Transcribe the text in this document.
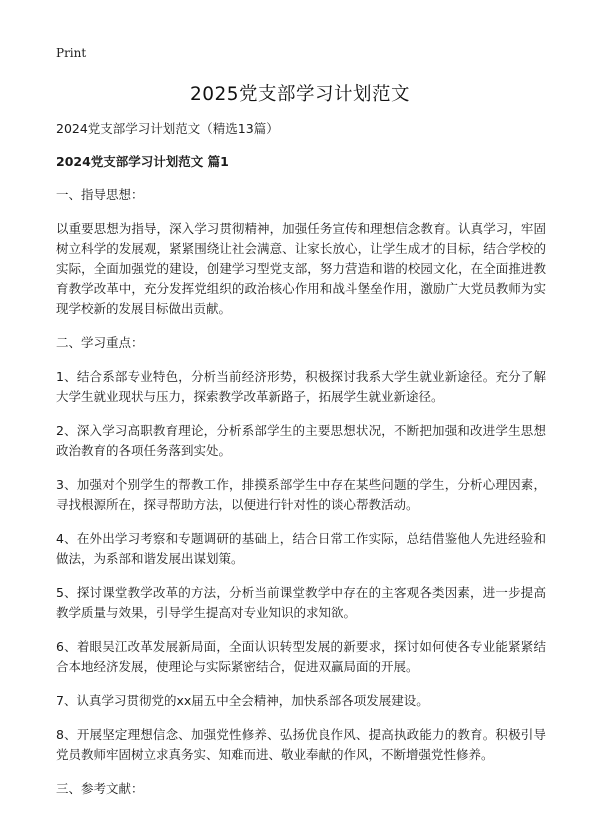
Print
2025党支部学习计划范文

2024党支部学习计划范文（精选13篇）

2024党支部学习计划范文 篇1

一、指导思想：

以重要思想为指导，深入学习贯彻精神，加强任务宣传和理想信念教育。认真学习，牢固树立科学的发展观，紧紧围绕让社会满意、让家长放心，让学生成才的目标，结合学校的实际，全面加强党的建设，创建学习型党支部，努力营造和谐的校园文化，在全面推进教育教学改革中，充分发挥党组织的政治核心作用和战斗堡垒作用，激励广大党员教师为实现学校新的发展目标做出贡献。

二、学习重点：

1、结合系部专业特色，分析当前经济形势，积极探讨我系大学生就业新途径。充分了解大学生就业现状与压力，探索教学改革新路子，拓展学生就业新途径。

2、深入学习高职教育理论，分析系部学生的主要思想状况，不断把加强和改进学生思想政治教育的各项任务落到实处。

3、加强对个别学生的帮教工作，排摸系部学生中存在某些问题的学生，分析心理因素，寻找根源所在，探寻帮助方法，以便进行针对性的谈心帮教活动。

4、在外出学习考察和专题调研的基础上，结合日常工作实际，总结借鉴他人先进经验和做法，为系部和谐发展出谋划策。

5、探讨课堂教学改革的方法，分析当前课堂教学中存在的主客观各类因素，进一步提高教学质量与效果，引导学生提高对专业知识的求知欲。

6、着眼吴江改革发展新局面，全面认识转型发展的新要求，探讨如何使各专业能紧紧结合本地经济发展，使理论与实际紧密结合，促进双赢局面的开展。

7、认真学习贯彻党的xx届五中全会精神，加快系部各项发展建设。

8、开展坚定理想信念、加强党性修养、弘扬优良作风、提高执政能力的教育。积极引导党员教师牢固树立求真务实、知难而进、敬业奉献的作风，不断增强党性修养。

三、参考文献：
